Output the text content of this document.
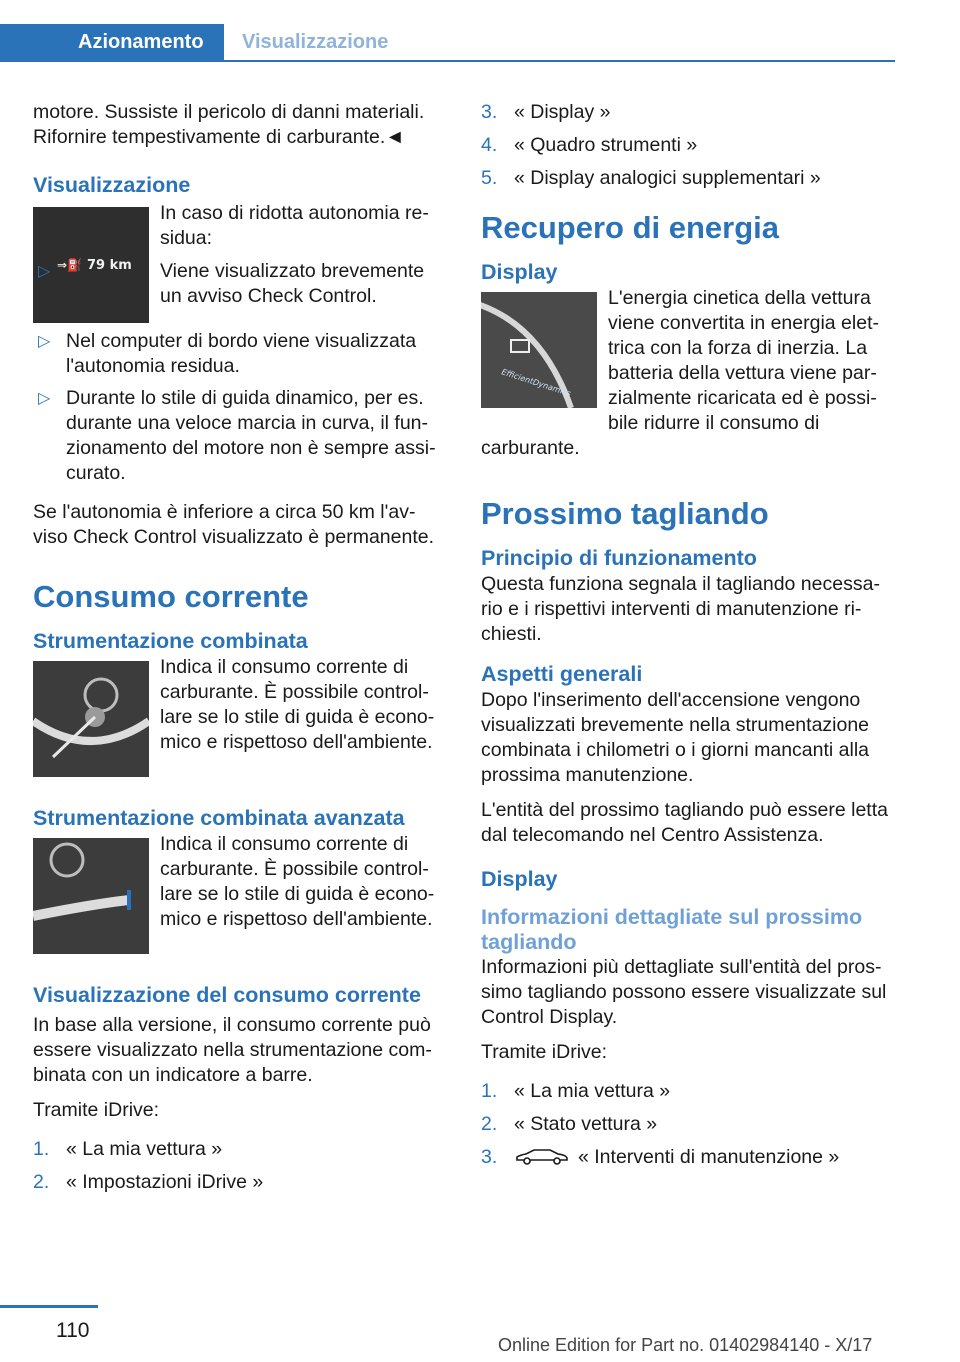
Azionamento	Visualizzazione

motore. Sussiste il pericolo di danni materiali. Rifornire tempestivamente di carburante.◄

Visualizzazione
⇒⛽ 79 km

In caso di ridotta autonomia residua:

▷	Viene visualizzato brevemente un avviso Check Control.
▷ Nel computer di bordo viene visualizzata l'autonomia residua.
▷ Durante lo stile di guida dinamico, per es. durante una veloce marcia in curva, il funzionamento del motore non è sempre assicurato.

Se l'autonomia è inferiore a circa 50 km l'avviso Check Control visualizzato è permanente.

Consumo corrente
Strumentazione combinata

Indica il consumo corrente di carburante. È possibile controllare se lo stile di guida è economico e rispettoso dell'ambiente.

Strumentazione combinata avanzata

Indica il consumo corrente di carburante. È possibile controllare se lo stile di guida è economico e rispettoso dell'ambiente.

Visualizzazione del consumo corrente

In base alla versione, il consumo corrente può essere visualizzato nella strumentazione combinata con un indicatore a barre.

Tramite iDrive:

1. « La mia vettura »
2. « Impostazioni iDrive »
3. « Display »
4. « Quadro strumenti »
5. « Display analogici supplementari »
Recupero di energia
Display
EfficientDynamics

L'energia cinetica della vettura viene convertita in energia elettrica con la forza di inerzia. La batteria della vettura viene parzialmente ricaricata ed è possibile ridurre il consumo di carburante.

Prossimo tagliando
Principio di funzionamento

Questa funziona segnala il tagliando necessario e i rispettivi interventi di manutenzione richiesti.

Aspetti generali

Dopo l'inserimento dell'accensione vengono visualizzati brevemente nella strumentazione combinata i chilometri o i giorni mancanti alla prossima manutenzione.

L'entità del prossimo tagliando può essere letta dal telecomando nel Centro Assistenza.

Display
Informazioni dettagliate sul prossimo tagliando

Informazioni più dettagliate sull'entità del prossimo tagliando possono essere visualizzate sul Control Display.

Tramite iDrive:

1. « La mia vettura »
2. « Stato vettura »
3.	« Interventi di manutenzione »
110
Online Edition for Part no. 01402984140 - X/17
